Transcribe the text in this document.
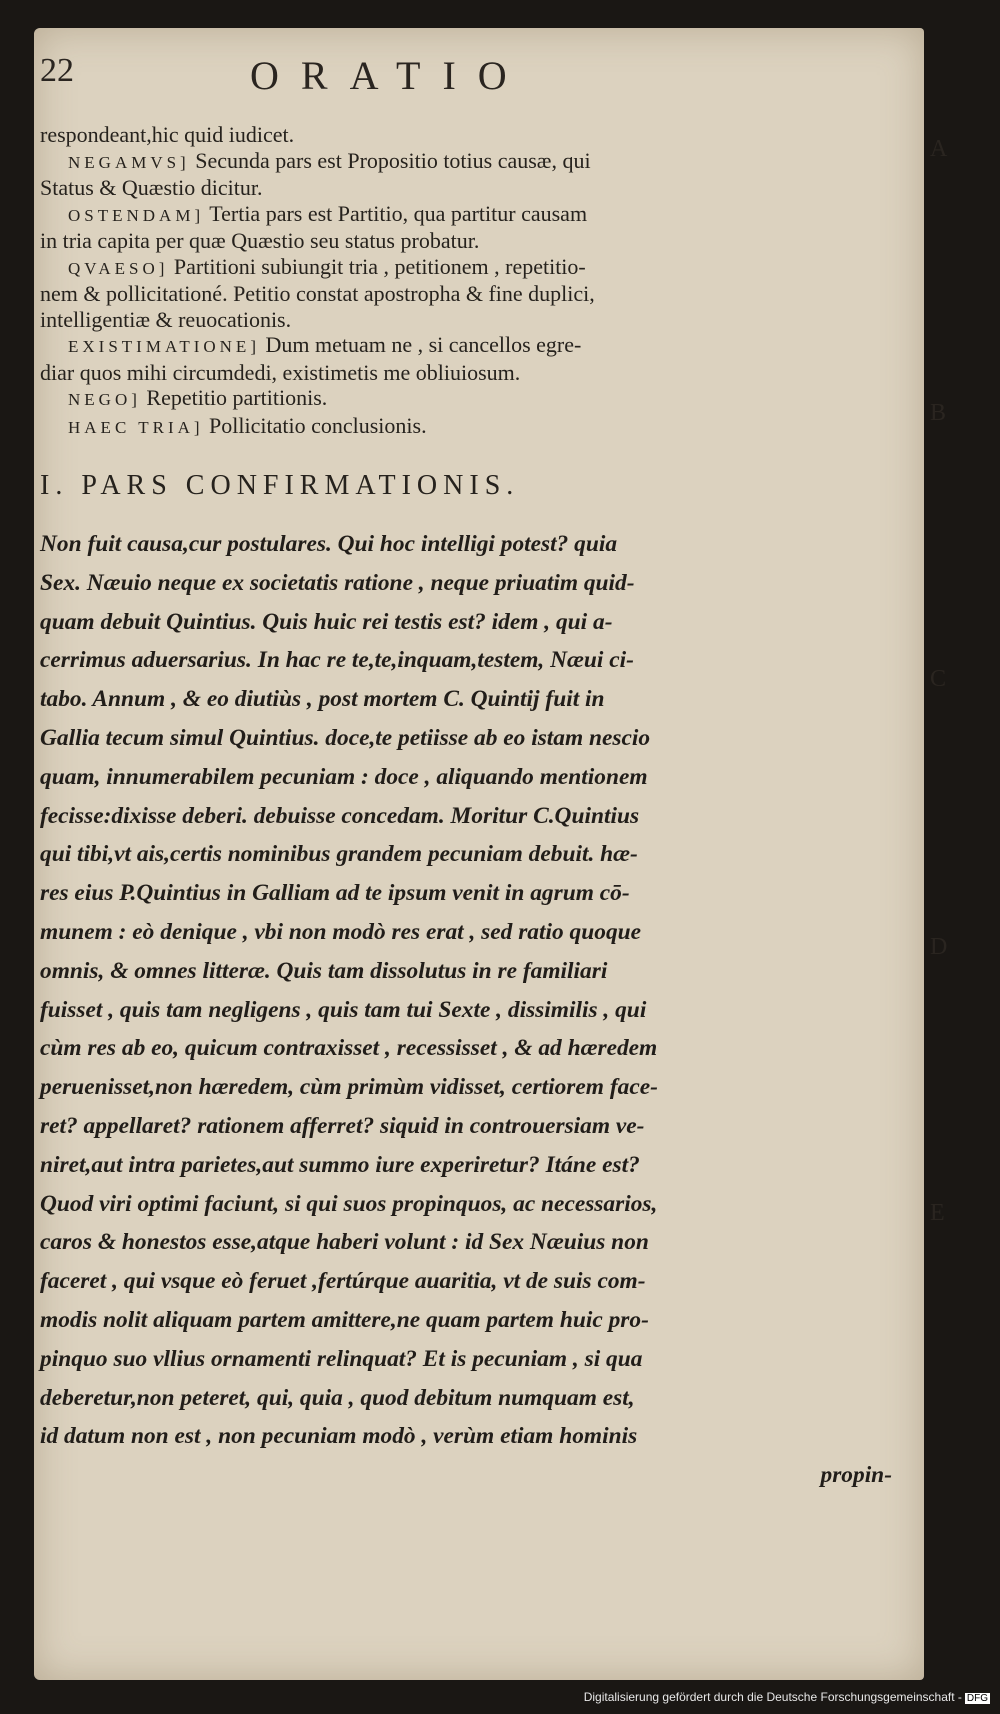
22	ORATIO

respondeant,hic quid iudicet.

NEGAMVS] Secunda pars est Propositio totius causæ, qui

Status & Quæstio dicitur.

OSTENDAM] Tertia pars est Partitio, qua partitur causam

in tria capita per quæ Quæstio seu status probatur.

QVAESO] Partitioni subiungit tria , petitionem , repetitio-

nem & pollicitationé. Petitio constat apostropha & fine duplici,

intelligentiæ & reuocationis.

EXISTIMATIONE] Dum metuam ne , si cancellos egre-

diar quos mihi circumdedi, existimetis me obliuiosum.

NEGO] Repetitio partitionis.

HAEC TRIA] Pollicitatio conclusionis.

I. PARS CONFIRMATIONIS.

Non fuit causa,cur postulares. Qui hoc intelligi potest? quia

Sex. Næuio neque ex societatis ratione , neque priuatim quid-

quam debuit Quintius. Quis huic rei testis est? idem , qui a-

cerrimus aduersarius. In hac re te,te,inquam,testem, Næui ci-

tabo. Annum , & eo diutiùs , post mortem C. Quintij fuit in

Gallia tecum simul Quintius. doce,te petiisse ab eo istam nescio

quam, innumerabilem pecuniam : doce , aliquando mentionem

fecisse:dixisse deberi. debuisse concedam. Moritur C.Quintius

qui tibi,vt ais,certis nominibus grandem pecuniam debuit. hæ-

res eius P.Quintius in Galliam ad te ipsum venit in agrum cō-

munem : eò denique , vbi non modò res erat , sed ratio quoque

omnis, & omnes litteræ. Quis tam dissolutus in re familiari

fuisset , quis tam negligens , quis tam tui Sexte , dissimilis , qui

cùm res ab eo, quicum contraxisset , recessisset , & ad hæredem

peruenisset,non hæredem, cùm primùm vidisset, certiorem face-

ret? appellaret? rationem afferret? siquid in controuersiam ve-

niret,aut intra parietes,aut summo iure experiretur? Itáne est?

Quod viri optimi faciunt, si qui suos propinquos, ac necessarios,

caros & honestos esse,atque haberi volunt : id Sex Næuius non

faceret , qui vsque eò feruet ,fertúrque auaritia, vt de suis com-

modis nolit aliquam partem amittere,ne quam partem huic pro-

pinquo suo vllius ornamenti relinquat? Et is pecuniam , si qua

deberetur,non peteret, qui, quia , quod debitum numquam est,

id datum non est , non pecuniam modò , verùm etiam hominis

propin-

A
B
C
D
E
Digitalisierung gefördert durch die Deutsche Forschungsgemeinschaft - DFG
